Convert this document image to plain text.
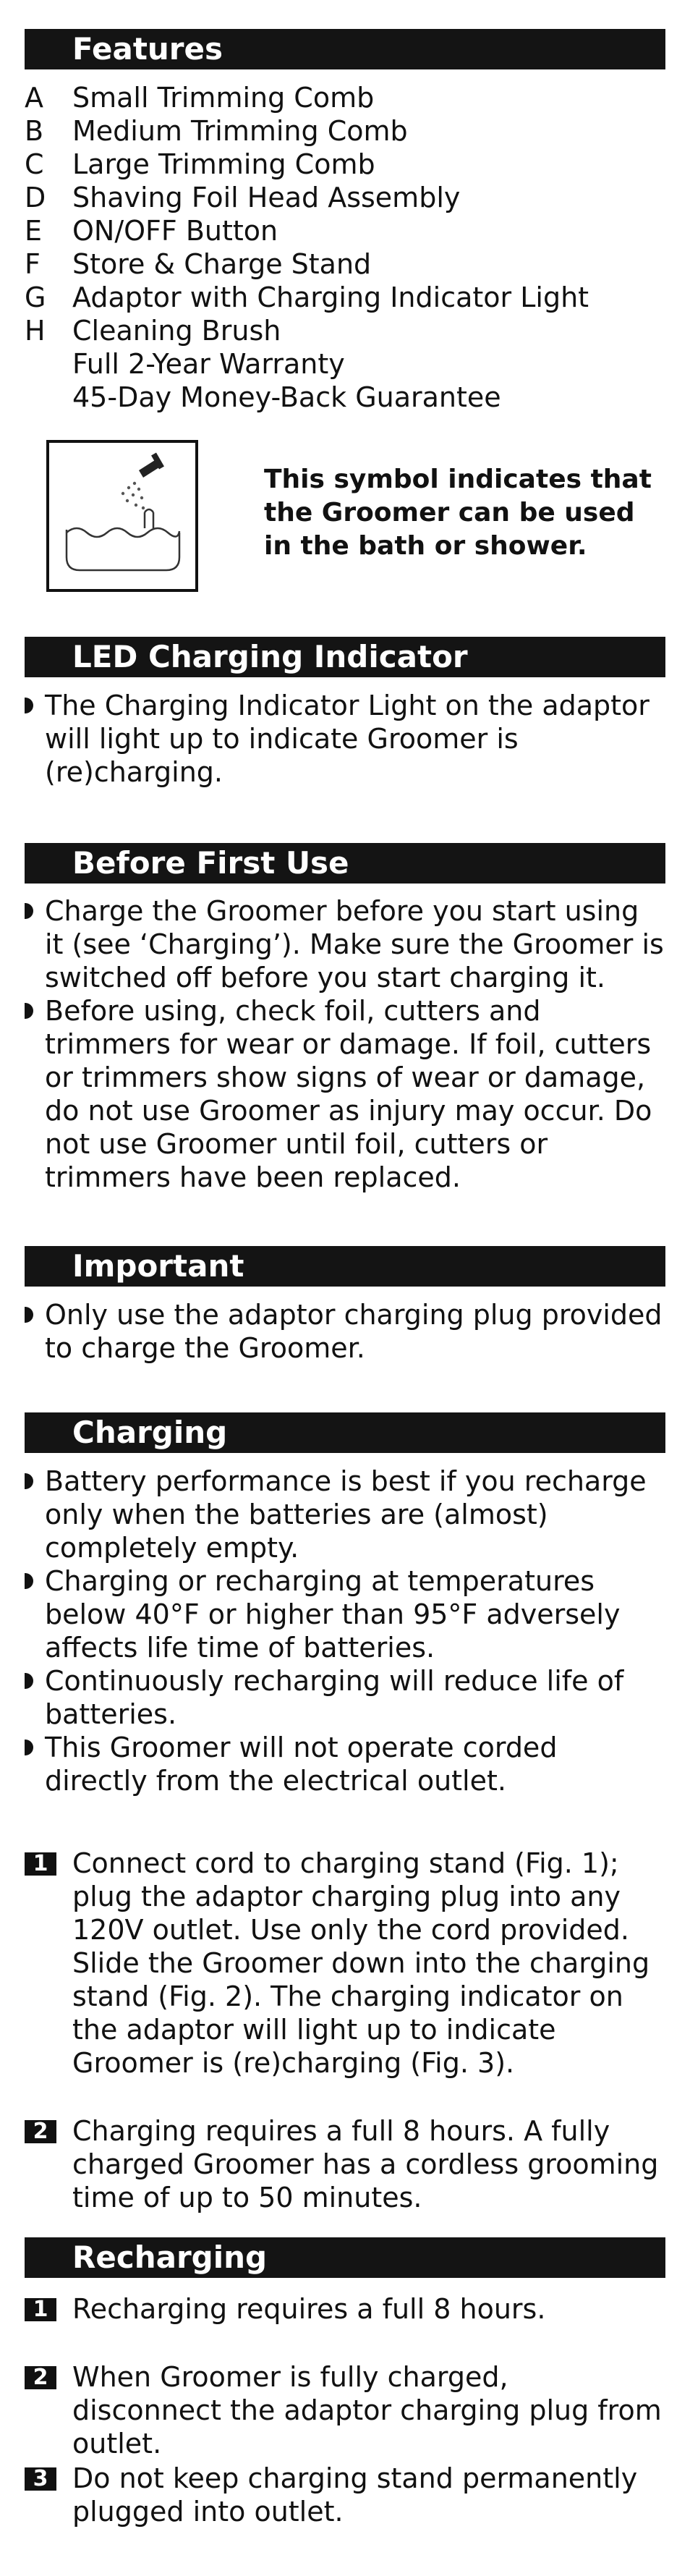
Features
A	Small Trimming Comb
B	Medium Trimming Comb
C	Large Trimming Comb
D Shaving Foil Head Assembly
E	ON/OFF Button
F	Store & Charge Stand
G Adaptor with Charging Indicator Light
H Cleaning Brush
Full 2-Year Warranty
45-Day Money-Back Guarantee
This symbol indicates that the Groomer can be used in the bath or shower.
LED Charging Indicator
The Charging Indicator Light on the adaptor will light up to indicate Groomer is (re)charging.
Before First Use
Charge the Groomer before you start using it (see ‘Charging’). Make sure the Groomer is switched off before you start charging it.
Before using, check foil, cutters and trimmers for wear or damage. If foil, cutters or trimmers show signs of wear or damage, do not use Groomer as injury may occur. Do not use Groomer until foil, cutters or trimmers have been replaced.
Important
Only use the adaptor charging plug provided to charge the Groomer.
Charging
Battery performance is best if you recharge only when the batteries are (almost) completely empty.
Charging or recharging at temperatures below 40°F or higher than 95°F adversely affects life time of batteries.
Continuously recharging will reduce life of batteries.
This Groomer will not operate corded directly from the electrical outlet.
1 Connect cord to charging stand (Fig. 1); plug the adaptor charging plug into any 120V outlet. Use only the cord provided. Slide the Groomer down into the charging stand (Fig. 2). The charging indicator on the adaptor will light up to indicate Groomer is (re)charging (Fig. 3).
2 Charging requires a full 8 hours. A fully charged Groomer has a cordless grooming time of up to 50 minutes.
Recharging
1 Recharging requires a full 8 hours.
2 When Groomer is fully charged, disconnect the adaptor charging plug from outlet.
3 Do not keep charging stand permanently plugged into outlet.
